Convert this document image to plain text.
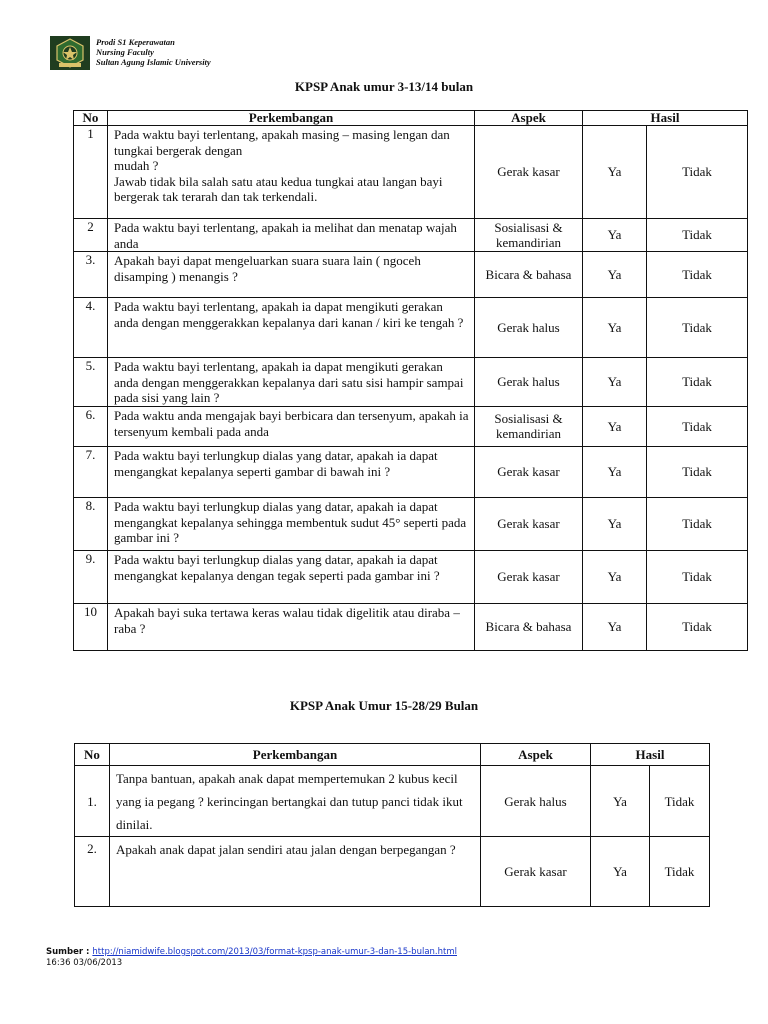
Prodi S1 Keperawatan
Nursing Faculty
Sultan Agung Islamic University
KPSP Anak umur 3-13/14 bulan
No	Perkembangan	Aspek	Hasil	
1	Pada waktu bayi terlentang, apakah masing – masing lengan dan tungkai bergerak dengan
mudah ?
Jawab tidak bila salah satu atau kedua tungkai atau langan bayi bergerak tak terarah dan tak terkendali.	Gerak kasar	Ya	Tidak
2	Pada waktu bayi terlentang, apakah ia melihat dan menatap wajah anda	Sosialisasi & kemandirian	Ya	Tidak
3.	Apakah bayi dapat mengeluarkan suara suara lain ( ngoceh disamping ) menangis ?	Bicara & bahasa	Ya	Tidak
4.	Pada waktu bayi terlentang, apakah ia dapat mengikuti gerakan anda dengan menggerakkan kepalanya dari kanan / kiri ke tengah ?	Gerak halus	Ya	Tidak
5.	Pada waktu bayi terlentang, apakah ia dapat mengikuti gerakan anda dengan menggerakkan kepalanya dari satu sisi hampir sampai pada sisi yang lain ?	Gerak halus	Ya	Tidak
6.	Pada waktu anda mengajak bayi berbicara dan tersenyum, apakah ia tersenyum kembali pada anda	Sosialisasi & kemandirian	Ya	Tidak
7.	Pada waktu bayi terlungkup dialas yang datar, apakah ia dapat mengangkat kepalanya seperti gambar di bawah ini ?	Gerak kasar	Ya	Tidak
8.	Pada waktu bayi terlungkup dialas yang datar, apakah ia dapat mengangkat kepalanya sehingga membentuk sudut 45° seperti pada gambar ini ?	Gerak kasar	Ya	Tidak
9.	Pada waktu bayi terlungkup dialas yang datar, apakah ia dapat mengangkat kepalanya dengan tegak seperti pada gambar ini ?	Gerak kasar	Ya	Tidak
10	Apakah bayi suka tertawa keras walau tidak digelitik atau diraba – raba ?	Bicara & bahasa	Ya	Tidak
KPSP Anak Umur 15-28/29 Bulan
No	Perkembangan	Aspek	Hasil	
1.	Tanpa bantuan, apakah anak dapat mempertemukan 2 kubus kecil yang ia pegang ? kerincingan bertangkai dan tutup panci tidak ikut dinilai.	Gerak halus	Ya	Tidak
2.	Apakah anak dapat jalan sendiri atau jalan dengan berpegangan ?	Gerak kasar	Ya	Tidak
Sumber : http://niamidwife.blogspot.com/2013/03/format-kpsp-anak-umur-3-dan-15-bulan.html
16:36 03/06/2013
